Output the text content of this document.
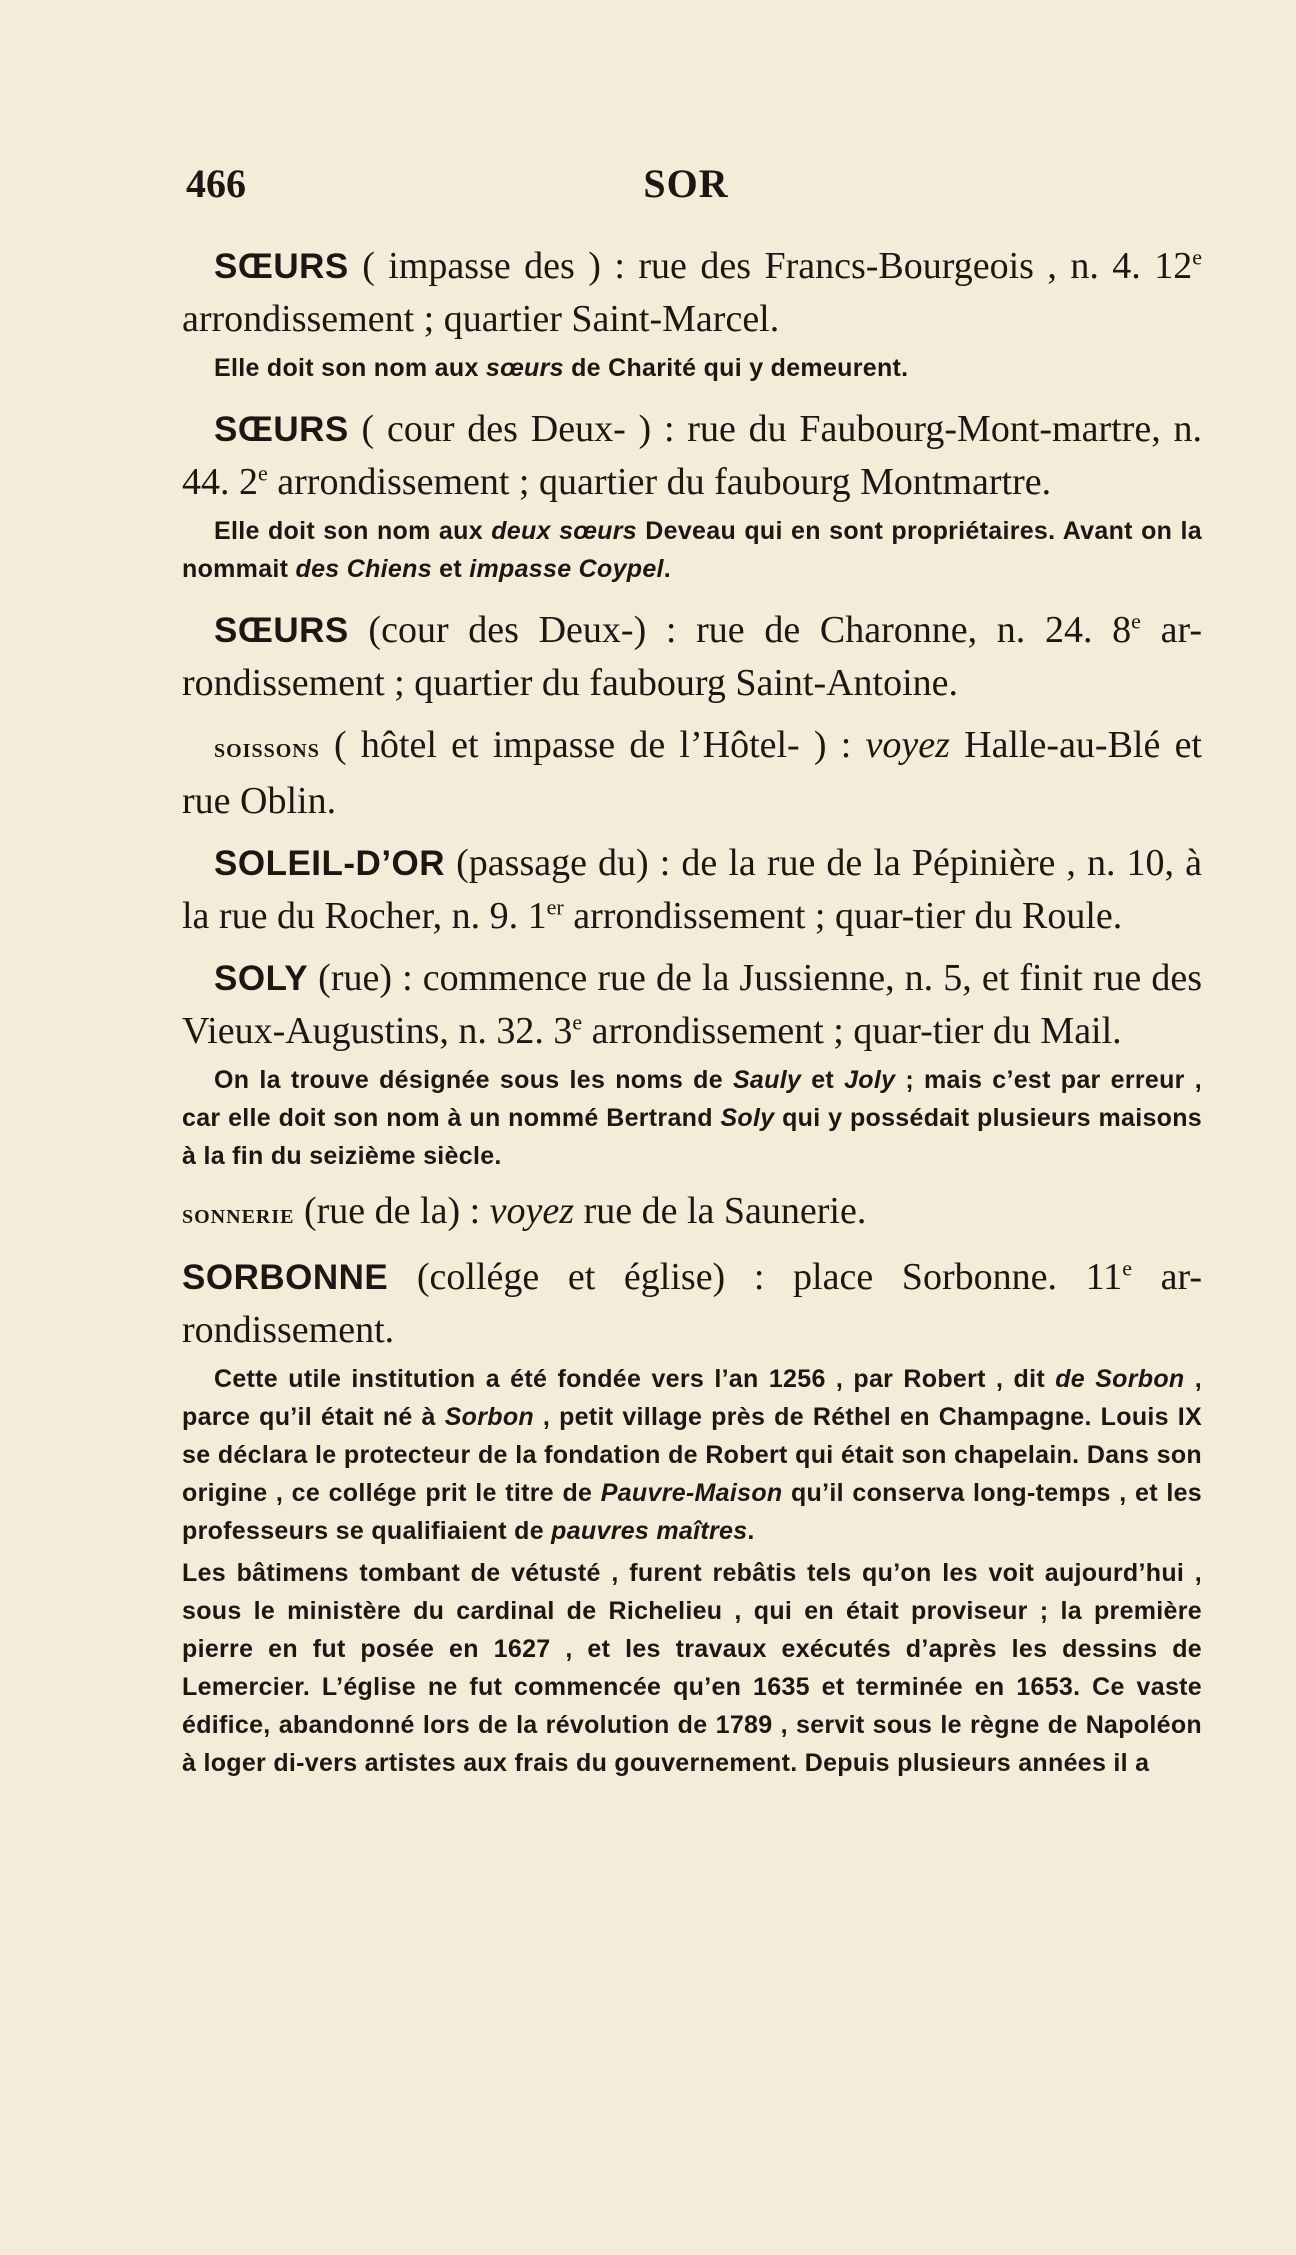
466	SOR

SŒURS ( impasse des ) : rue des Francs-Bourgeois , n. 4. 12e arrondissement ; quartier Saint-Marcel.

Elle doit son nom aux sœurs de Charité qui y demeurent.

SŒURS ( cour des Deux- ) : rue du Faubourg-Mont-martre, n. 44. 2e arrondissement ; quartier du faubourg Montmartre.

Elle doit son nom aux deux sœurs Deveau qui en sont propriétaires. Avant on la nommait des Chiens et impasse Coypel.

SŒURS (cour des Deux-) : rue de Charonne, n. 24. 8e ar-rondissement ; quartier du faubourg Saint-Antoine.

soissons ( hôtel et impasse de l’Hôtel- ) : voyez Halle-au-Blé et rue Oblin.

SOLEIL-D’OR (passage du) : de la rue de la Pépinière , n. 10, à la rue du Rocher, n. 9. 1er arrondissement ; quar-tier du Roule.

SOLY (rue) : commence rue de la Jussienne, n. 5, et finit rue des Vieux-Augustins, n. 32. 3e arrondissement ; quar-tier du Mail.

On la trouve désignée sous les noms de Sauly et Joly ; mais c’est par erreur , car elle doit son nom à un nommé Bertrand Soly qui y possédait plusieurs maisons à la fin du seizième siècle.

sonnerie (rue de la) : voyez rue de la Saunerie.

SORBONNE (collége et église) : place Sorbonne. 11e ar-rondissement.

Cette utile institution a été fondée vers l’an 1256 , par Robert , dit de Sorbon , parce qu’il était né à Sorbon , petit village près de Réthel en Champagne. Louis IX se déclara le protecteur de la fondation de Robert qui était son chapelain. Dans son origine , ce collége prit le titre de Pauvre-Maison qu’il conserva long-temps , et les professeurs se qualifiaient de pauvres maîtres.

Les bâtimens tombant de vétusté , furent rebâtis tels qu’on les voit aujourd’hui , sous le ministère du cardinal de Richelieu , qui en était proviseur ; la première pierre en fut posée en 1627 , et les travaux exécutés d’après les dessins de Lemercier. L’église ne fut commencée qu’en 1635 et terminée en 1653. Ce vaste édifice, abandonné lors de la révolution de 1789 , servit sous le règne de Napoléon à loger di-vers artistes aux frais du gouvernement. Depuis plusieurs années il a
